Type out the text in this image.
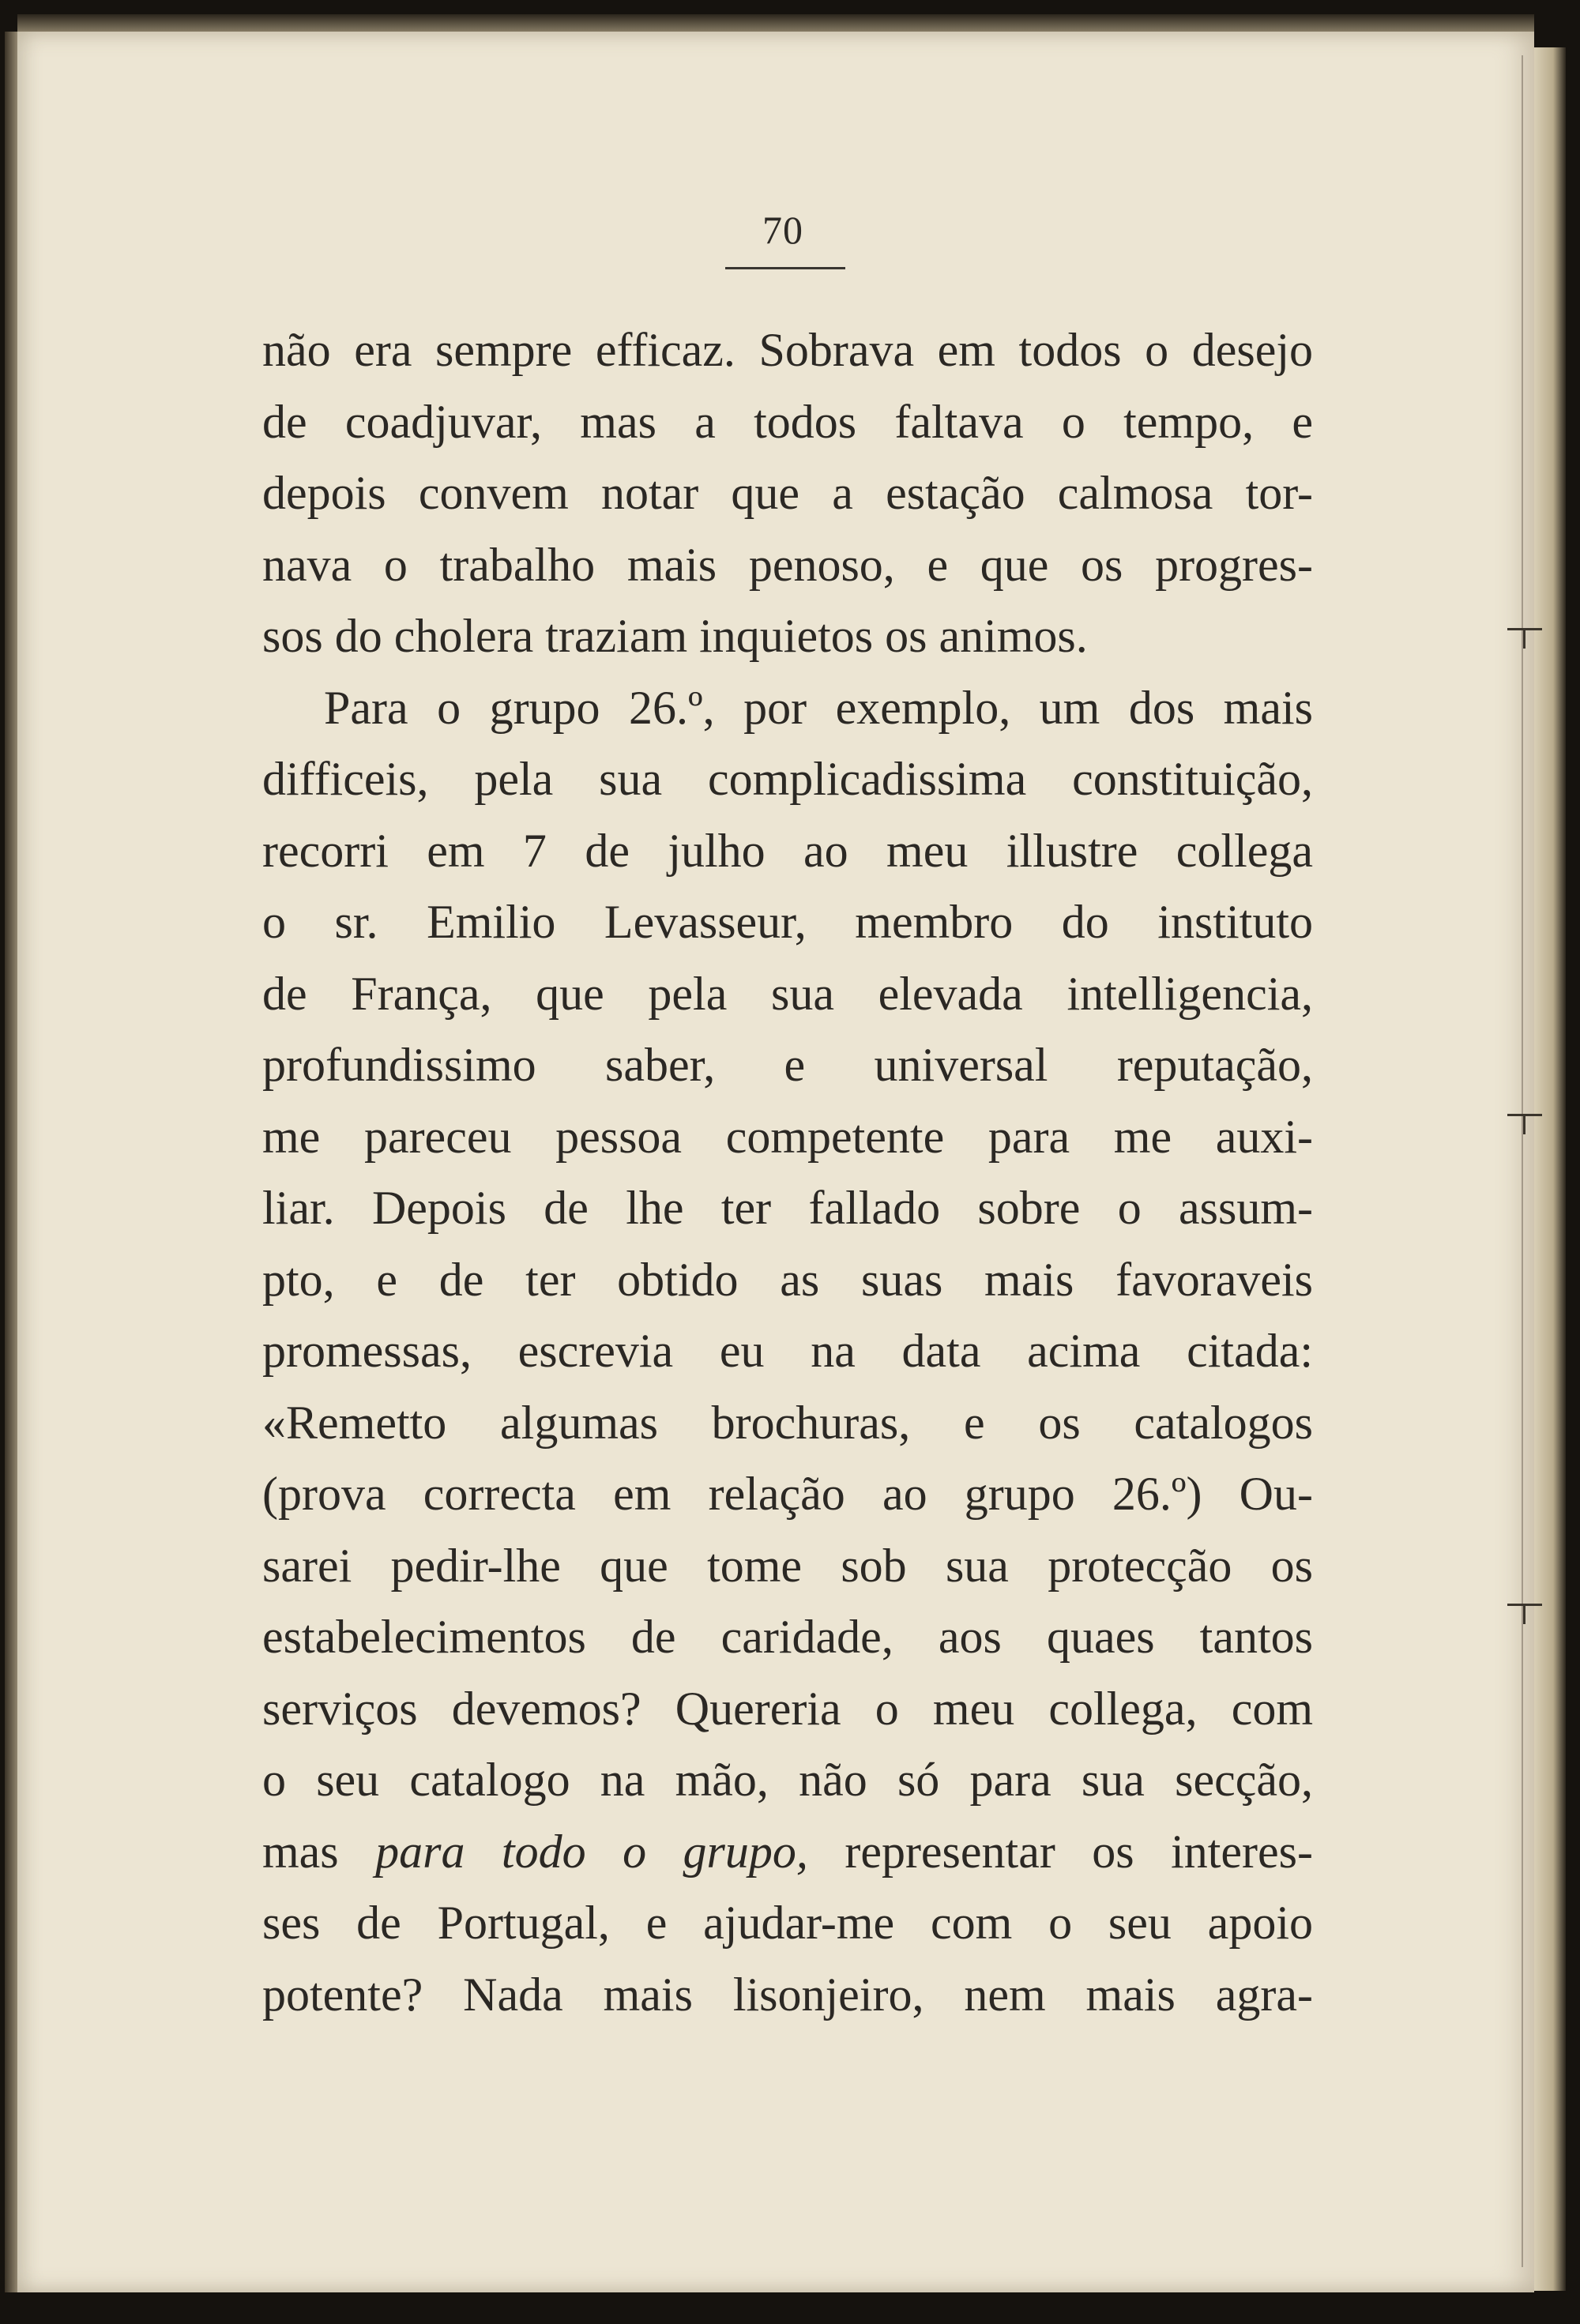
70
não era sempre efficaz. Sobrava em todos o desejo
de coadjuvar, mas a todos faltava o tempo, e
depois convem notar que a estação calmosa tor-
nava o trabalho mais penoso, e que os progres-
sos do cholera traziam inquietos os animos.
Para o grupo 26.º, por exemplo, um dos mais
difficeis, pela sua complicadissima constituição,
recorri em 7 de julho ao meu illustre collega
o sr. Emilio Levasseur, membro do instituto
de França, que pela sua elevada intelligencia,
profundissimo saber, e universal reputação,
me pareceu pessoa competente para me auxi-
liar. Depois de lhe ter fallado sobre o assum-
pto, e de ter obtido as suas mais favoraveis
promessas, escrevia eu na data acima citada:
«Remetto algumas brochuras, e os catalogos
(prova correcta em relação ao grupo 26.º) Ou-
sarei pedir-lhe que tome sob sua protecção os
estabelecimentos de caridade, aos quaes tantos
serviços devemos? Quereria o meu collega, com
o seu catalogo na mão, não só para sua secção,
mas para todo o grupo, representar os interes-
ses de Portugal, e ajudar-me com o seu apoio
potente? Nada mais lisonjeiro, nem mais agra-
